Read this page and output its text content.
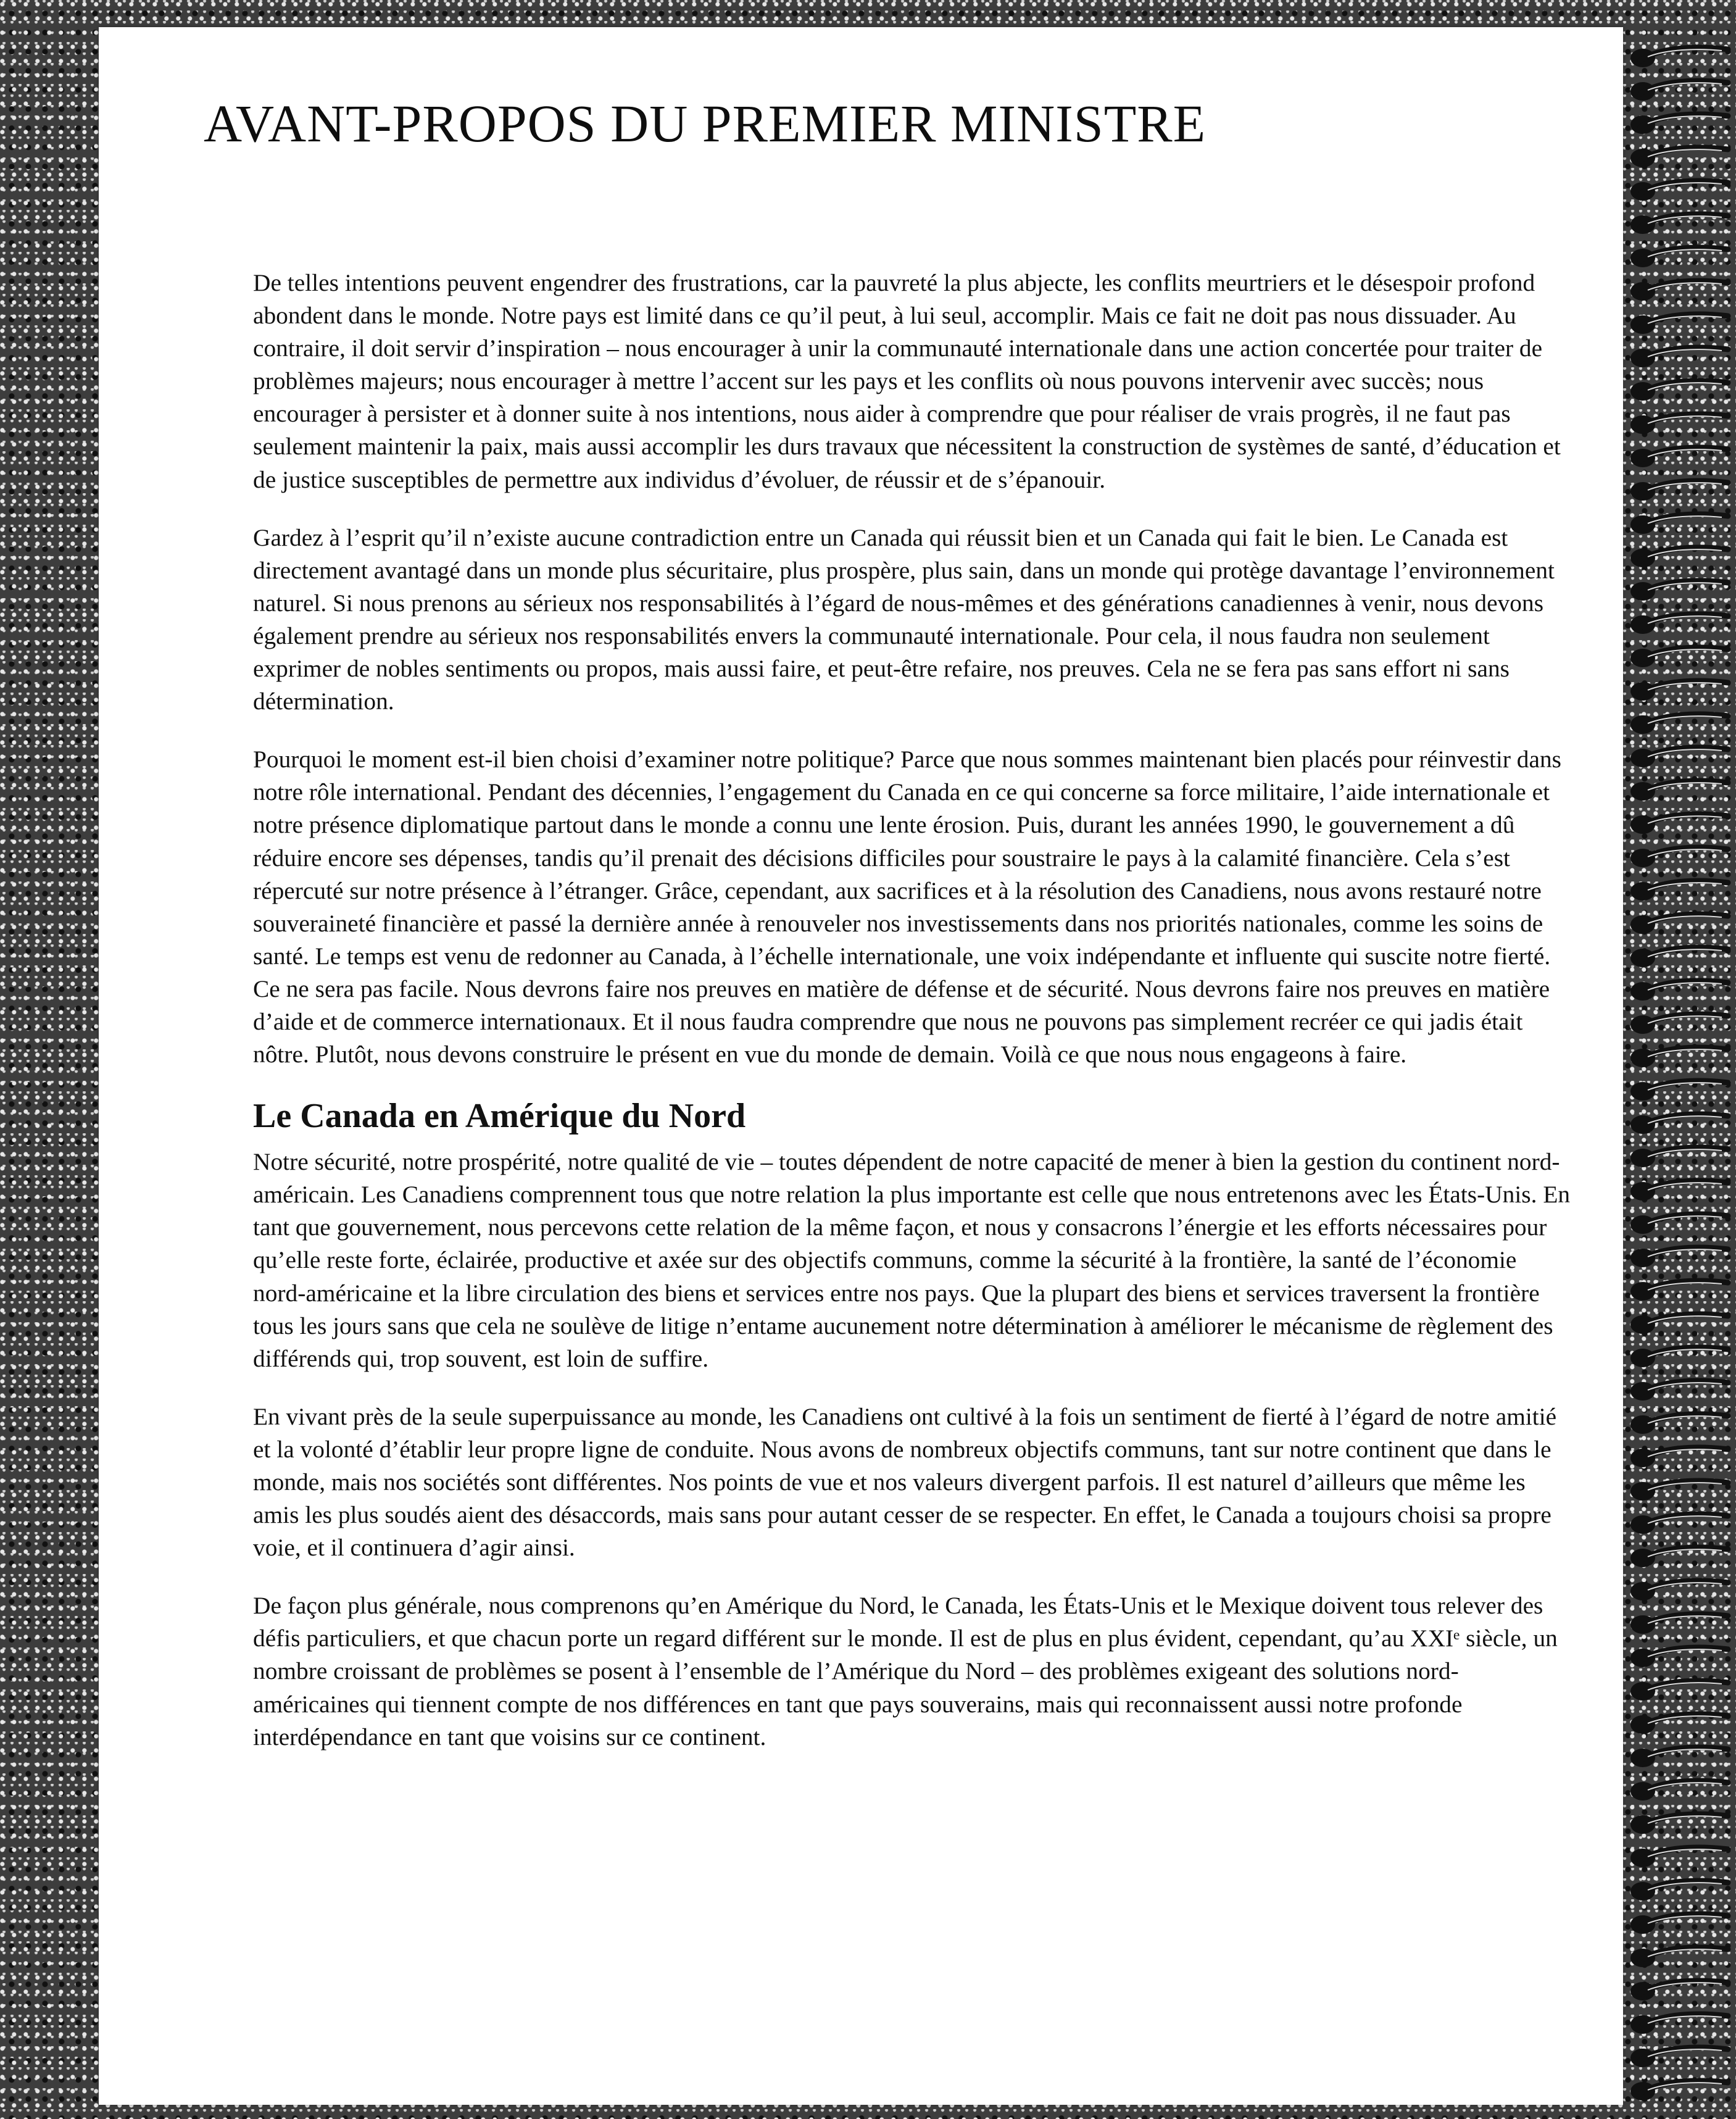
AVANT-PROPOS DU PREMIER MINISTRE

De telles intentions peuvent engendrer des frustrations, car la pauvreté la plus abjecte, les conflits meurtriers et le désespoir profond abondent dans le monde. Notre pays est limité dans ce qu’il peut, à lui seul, accomplir. Mais ce fait ne doit pas nous dissuader. Au contraire, il doit servir d’inspiration – nous encourager à unir la communauté internationale dans une action concertée pour traiter de problèmes majeurs; nous encourager à mettre l’accent sur les pays et les conflits où nous pouvons intervenir avec succès; nous encourager à persister et à donner suite à nos intentions, nous aider à comprendre que pour réaliser de vrais progrès, il ne faut pas seulement maintenir la paix, mais aussi accomplir les durs travaux que nécessitent la construction de systèmes de santé, d’éducation et de justice susceptibles de permettre aux individus d’évoluer, de réussir et de s’épanouir.

Gardez à l’esprit qu’il n’existe aucune contradiction entre un Canada qui réussit bien et un Canada qui fait le bien. Le Canada est directement avantagé dans un monde plus sécuritaire, plus prospère, plus sain, dans un monde qui protège davantage l’environnement naturel. Si nous prenons au sérieux nos responsabilités à l’égard de nous-mêmes et des générations canadiennes à venir, nous devons également prendre au sérieux nos responsabilités envers la communauté internationale. Pour cela, il nous faudra non seulement exprimer de nobles sentiments ou propos, mais aussi faire, et peut-être refaire, nos preuves. Cela ne se fera pas sans effort ni sans détermination.

Pourquoi le moment est-il bien choisi d’examiner notre politique? Parce que nous sommes maintenant bien placés pour réinvestir dans notre rôle international. Pendant des décennies, l’engagement du Canada en ce qui concerne sa force militaire, l’aide internationale et notre présence diplomatique partout dans le monde a connu une lente érosion. Puis, durant les années 1990, le gouvernement a dû réduire encore ses dépenses, tandis qu’il prenait des décisions difficiles pour soustraire le pays à la calamité financière. Cela s’est répercuté sur notre présence à l’étranger. Grâce, cependant, aux sacrifices et à la résolution des Canadiens, nous avons restauré notre souveraineté financière et passé la dernière année à renouveler nos investissements dans nos priorités nationales, comme les soins de santé. Le temps est venu de redonner au Canada, à l’échelle internationale, une voix indépendante et influente qui suscite notre fierté. Ce ne sera pas facile. Nous devrons faire nos preuves en matière de défense et de sécurité. Nous devrons faire nos preuves en matière d’aide et de commerce internationaux. Et il nous faudra comprendre que nous ne pouvons pas simplement recréer ce qui jadis était nôtre. Plutôt, nous devons construire le présent en vue du monde de demain. Voilà ce que nous nous engageons à faire.

Le Canada en Amérique du Nord

Notre sécurité, notre prospérité, notre qualité de vie – toutes dépendent de notre capacité de mener à bien la gestion du continent nord-américain. Les Canadiens comprennent tous que notre relation la plus importante est celle que nous entretenons avec les États-Unis. En tant que gouvernement, nous percevons cette relation de la même façon, et nous y consacrons l’énergie et les efforts nécessaires pour qu’elle reste forte, éclairée, productive et axée sur des objectifs communs, comme la sécurité à la frontière, la santé de l’économie nord-américaine et la libre circulation des biens et services entre nos pays. Que la plupart des biens et services traversent la frontière tous les jours sans que cela ne soulève de litige n’entame aucunement notre détermination à améliorer le mécanisme de règlement des différends qui, trop souvent, est loin de suffire.

En vivant près de la seule superpuissance au monde, les Canadiens ont cultivé à la fois un sentiment de fierté à l’égard de notre amitié et la volonté d’établir leur propre ligne de conduite. Nous avons de nombreux objectifs communs, tant sur notre continent que dans le monde, mais nos sociétés sont différentes. Nos points de vue et nos valeurs divergent parfois. Il est naturel d’ailleurs que même les amis les plus soudés aient des désaccords, mais sans pour autant cesser de se respecter. En effet, le Canada a toujours choisi sa propre voie, et il continuera d’agir ainsi.

De façon plus générale, nous comprenons qu’en Amérique du Nord, le Canada, les États-Unis et le Mexique doivent tous relever des défis particuliers, et que chacun porte un regard différent sur le monde. Il est de plus en plus évident, cependant, qu’au XXIᵉ siècle, un nombre croissant de problèmes se posent à l’ensemble de l’Amérique du Nord – des problèmes exigeant des solutions nord-américaines qui tiennent compte de nos différences en tant que pays souverains, mais qui reconnaissent aussi notre profonde interdépendance en tant que voisins sur ce continent.
